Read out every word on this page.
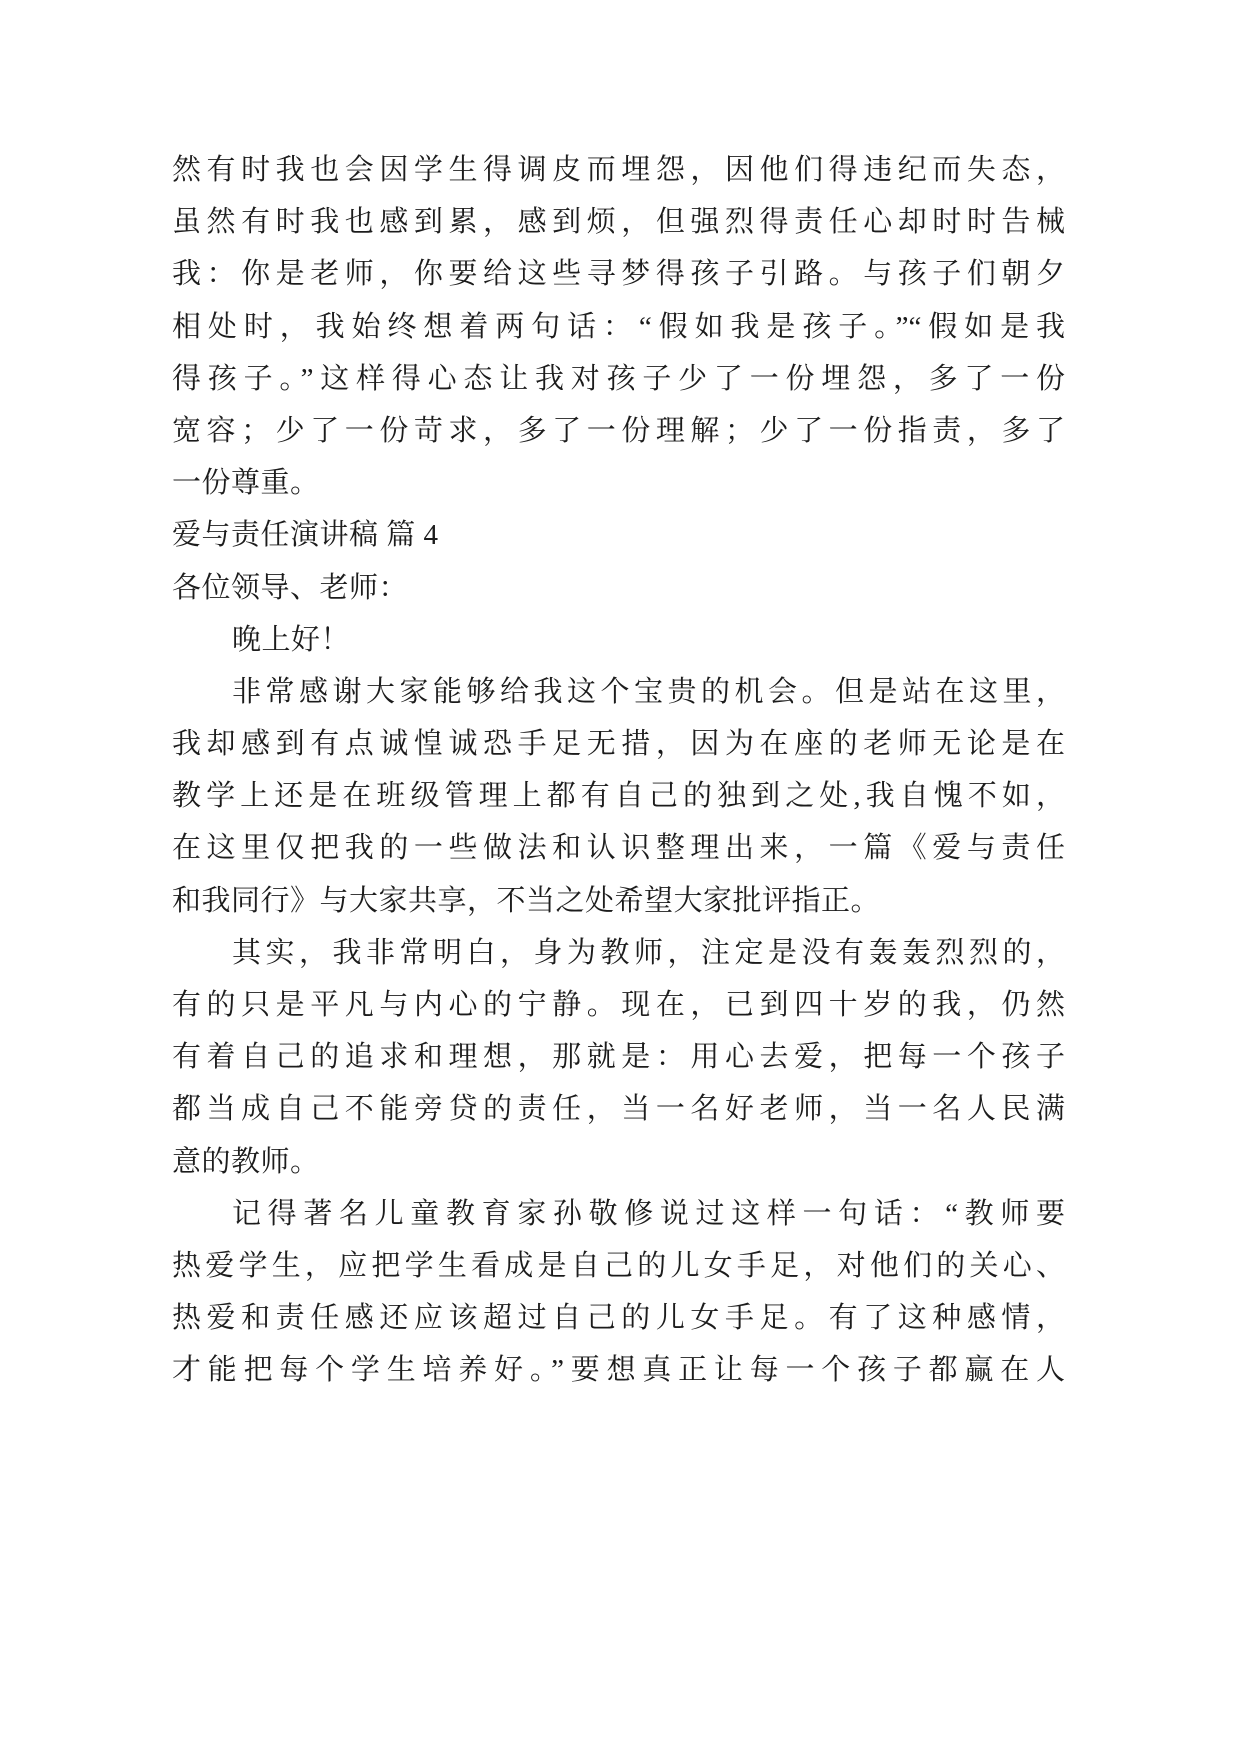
然有时我也会因学生得调皮而埋怨，因他们得违纪而失态，
虽然有时我也感到累，感到烦，但强烈得责任心却时时告械
我：你是老师，你要给这些寻梦得孩子引路。与孩子们朝夕
相处时，我始终想着两句话：“假如我是孩子。”“假如是我
得孩子。”这样得心态让我对孩子少了一份埋怨，多了一份
宽容；少了一份苛求，多了一份理解；少了一份指责，多了
一份尊重。
爱与责任演讲稿 篇 4
各位领导、老师：
晚上好！
非常感谢大家能够给我这个宝贵的机会。但是站在这里，
我却感到有点诚惶诚恐手足无措，因为在座的老师无论是在
教学上还是在班级管理上都有自己的独到之处,我自愧不如，
在这里仅把我的一些做法和认识整理出来，一篇《爱与责任
和我同行》与大家共享，不当之处希望大家批评指正。
其实，我非常明白，身为教师，注定是没有轰轰烈烈的，
有的只是平凡与内心的宁静。现在，已到四十岁的我，仍然
有着自己的追求和理想，那就是：用心去爱，把每一个孩子
都当成自己不能旁贷的责任，当一名好老师，当一名人民满
意的教师。
记得著名儿童教育家孙敬修说过这样一句话：“教师要
热爱学生，应把学生看成是自己的儿女手足，对他们的关心、
热爱和责任感还应该超过自己的儿女手足。有了这种感情，
才能把每个学生培养好。”要想真正让每一个孩子都赢在人
